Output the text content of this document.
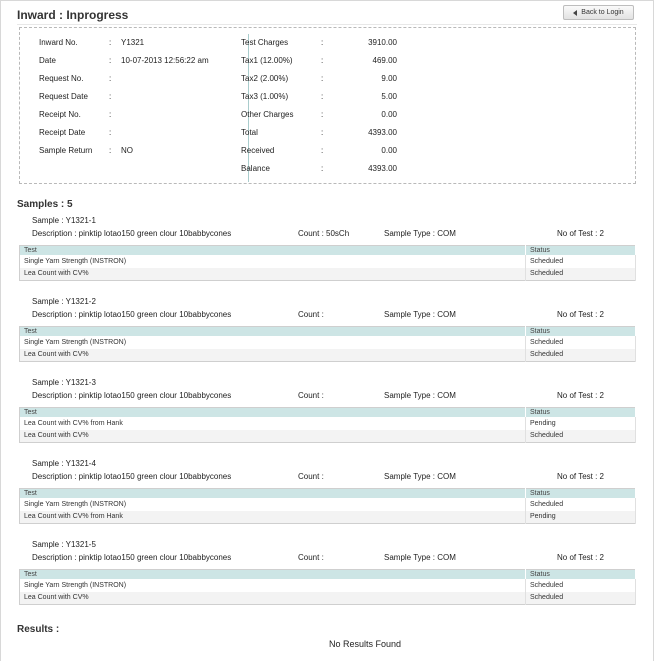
Inward : Inprogress	Back to Login
Inward No.	: Y1321
Date	: 10-07-2013 12:56:22 am
Request No.	:
Request Date	:
Receipt No.	:
Receipt Date	:
Sample Return : NO
Test Charges	:	3910.00
Tax1 (12.00%)	:	469.00
Tax2 (2.00%)	:	9.00
Tax3 (1.00%)	:	5.00
Other Charges	:	0.00
Total	:	4393.00
Received	:	0.00
Balance	:	4393.00
Samples : 5
Sample : Y1321-1
Description : pinktip lotao150 green clour 10babbycones	Count : 50sCh	Sample Type : COM	No of Test : 2
Test	Status
Single Yarn Strength (INSTRON)	Scheduled
Lea Count with CV%	Scheduled
Sample : Y1321-2
Description : pinktip lotao150 green clour 10babbycones	Count :	Sample Type : COM	No of Test : 2
Test	Status
Single Yarn Strength (INSTRON)	Scheduled
Lea Count with CV%	Scheduled
Sample : Y1321-3
Description : pinktip lotao150 green clour 10babbycones	Count :	Sample Type : COM	No of Test : 2
Test	Status
Lea Count with CV% from Hank	Pending
Lea Count with CV%	Scheduled
Sample : Y1321-4
Description : pinktip lotao150 green clour 10babbycones	Count :	Sample Type : COM	No of Test : 2
Test	Status
Single Yarn Strength (INSTRON)	Scheduled
Lea Count with CV% from Hank	Pending
Sample : Y1321-5
Description : pinktip lotao150 green clour 10babbycones	Count :	Sample Type : COM	No of Test : 2
Test	Status
Single Yarn Strength (INSTRON)	Scheduled
Lea Count with CV%	Scheduled
Results :
No Results Found
